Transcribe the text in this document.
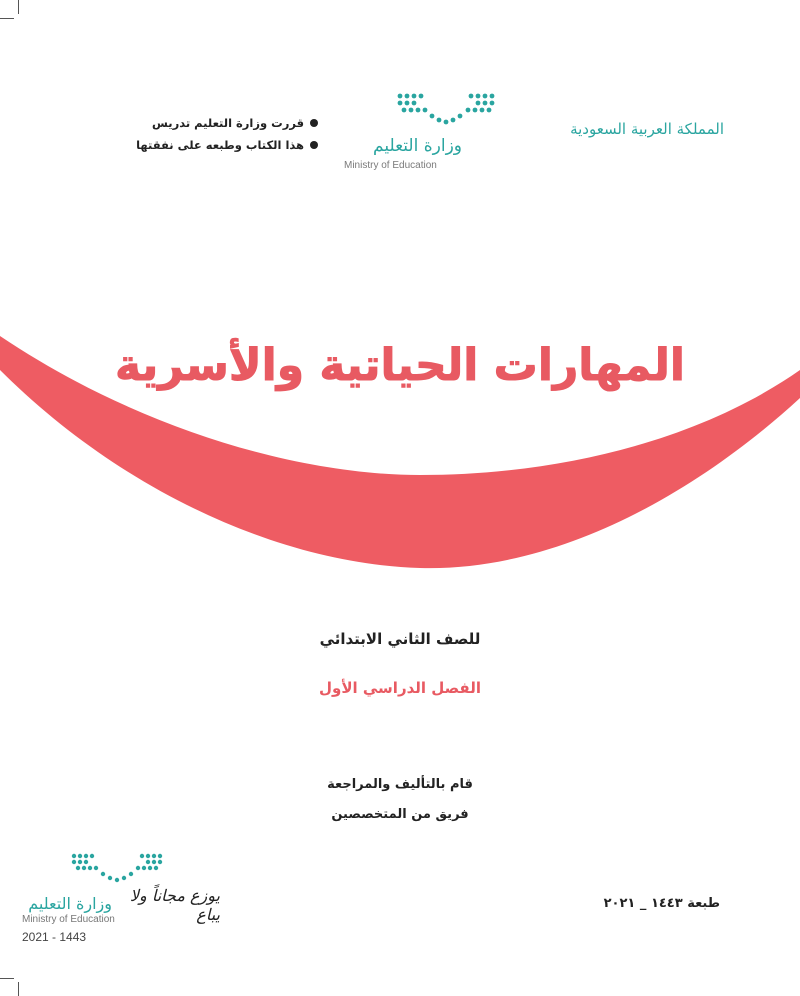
المملكة العربية السعودية
وزارة التعليم
Ministry of Education
قررت وزارة التعليم تدريس
هذا الكتاب وطبعه على نفقتها
المهارات الحياتية والأسرية
للصف الثاني الابتدائي
الفصل الدراسي الأول
قام بالتأليف والمراجعة
فريق من المتخصصين
وزارة التعليم	يوزع مجاناً ولا يباع
Ministry of Education
2021 - 1443
طبعة ١٤٤٣ _ ٢٠٢١
